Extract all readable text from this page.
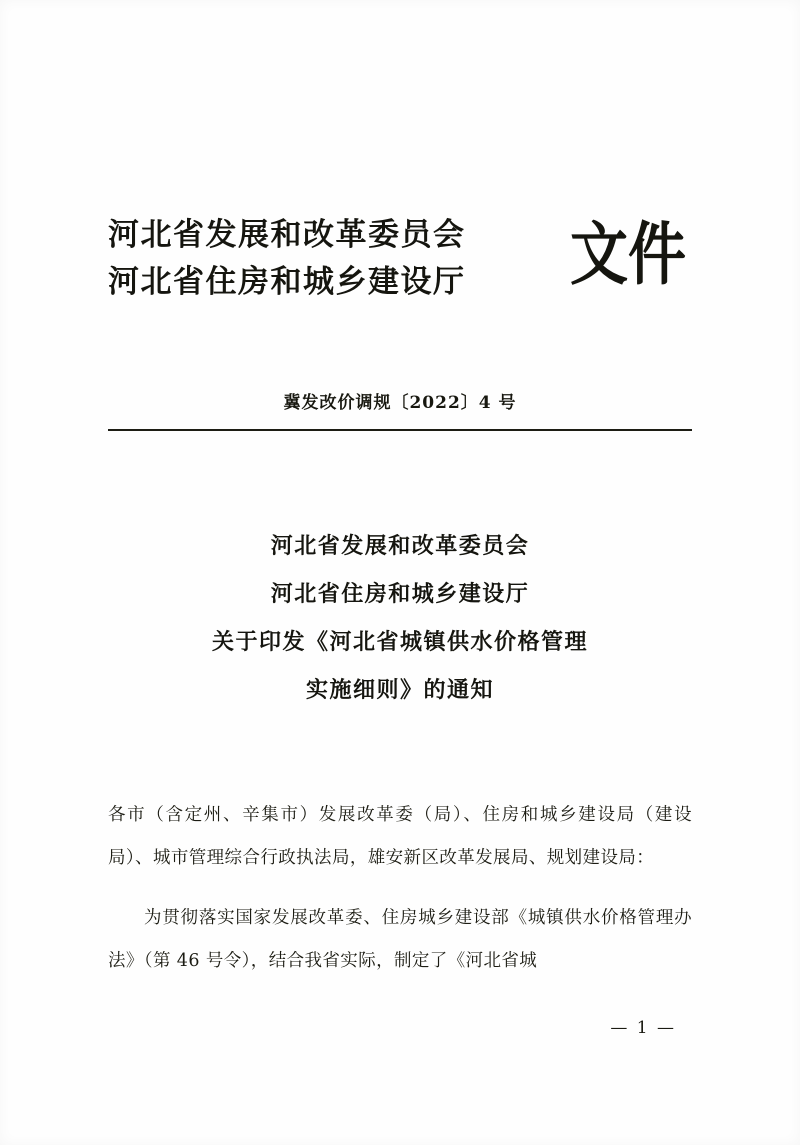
河北省发展和改革委员会
河北省住房和城乡建设厅	文件
冀发改价调规〔2022〕4 号
河北省发展和改革委员会
河北省住房和城乡建设厅
关于印发《河北省城镇供水价格管理
实施细则》的通知

各市（含定州、辛集市）发展改革委（局）、住房和城乡建设局（建设局）、城市管理综合行政执法局，雄安新区改革发展局、规划建设局：

为贯彻落实国家发展改革委、住房城乡建设部《城镇供水价格管理办法》（第 46 号令），结合我省实际，制定了《河北省城

— 1 —
